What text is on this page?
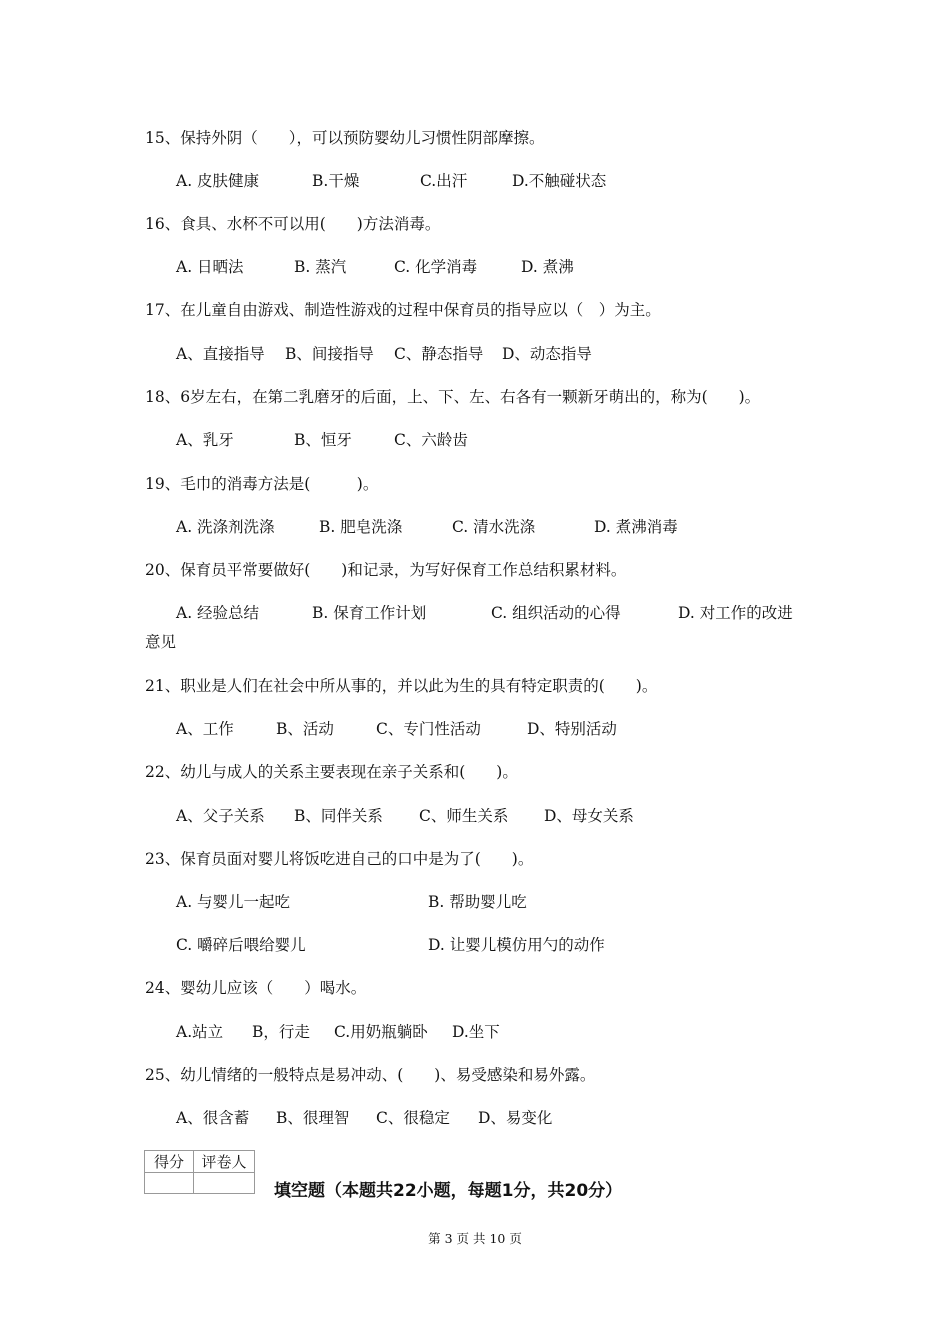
15、保持外阴（　　），可以预防婴幼儿习惯性阴部摩擦。
A. 皮肤健康	B.干燥	C.出汗	D.不触碰状态
16、食具、水杯不可以用(　　)方法消毒。
A. 日晒法	B. 蒸汽	C. 化学消毒	D. 煮沸
17、在儿童自由游戏、制造性游戏的过程中保育员的指导应以（　）为主。
A、直接指导 B、间接指导 C、静态指导 D、动态指导
18、6岁左右，在第二乳磨牙的后面，上、下、左、右各有一颗新牙萌出的，称为(　　)。
A、乳牙	B、恒牙	C、六龄齿
19、毛巾的消毒方法是(　　　)。
A. 洗涤剂洗涤	B. 肥皂洗涤	C. 清水洗涤	D. 煮沸消毒
20、保育员平常要做好(　　)和记录，为写好保育工作总结积累材料。
A. 经验总结	B. 保育工作计划	C. 组织活动的心得	D. 对工作的改进
意见
21、职业是人们在社会中所从事的，并以此为生的具有特定职责的(　　)。
A、工作	B、活动	C、专门性活动	D、特别活动
22、幼儿与成人的关系主要表现在亲子关系和(　　)。
A、父子关系 B、同伴关系 C、师生关系 D、母女关系
23、保育员面对婴儿将饭吃进自己的口中是为了(　　)。
A. 与婴儿一起吃	B. 帮助婴儿吃
C. 嚼碎后喂给婴儿	D. 让婴儿模仿用勺的动作
24、婴幼儿应该（　　）喝水。
A.站立 B，行走 C.用奶瓶躺卧 D.坐下
25、幼儿情绪的一般特点是易冲动、(　　)、易受感染和易外露。
A、很含蓄 B、很理智 C、很稳定 D、易变化
得分	评卷人

填空题（本题共22小题，每题1分，共20分）
第 3 页 共 10 页
